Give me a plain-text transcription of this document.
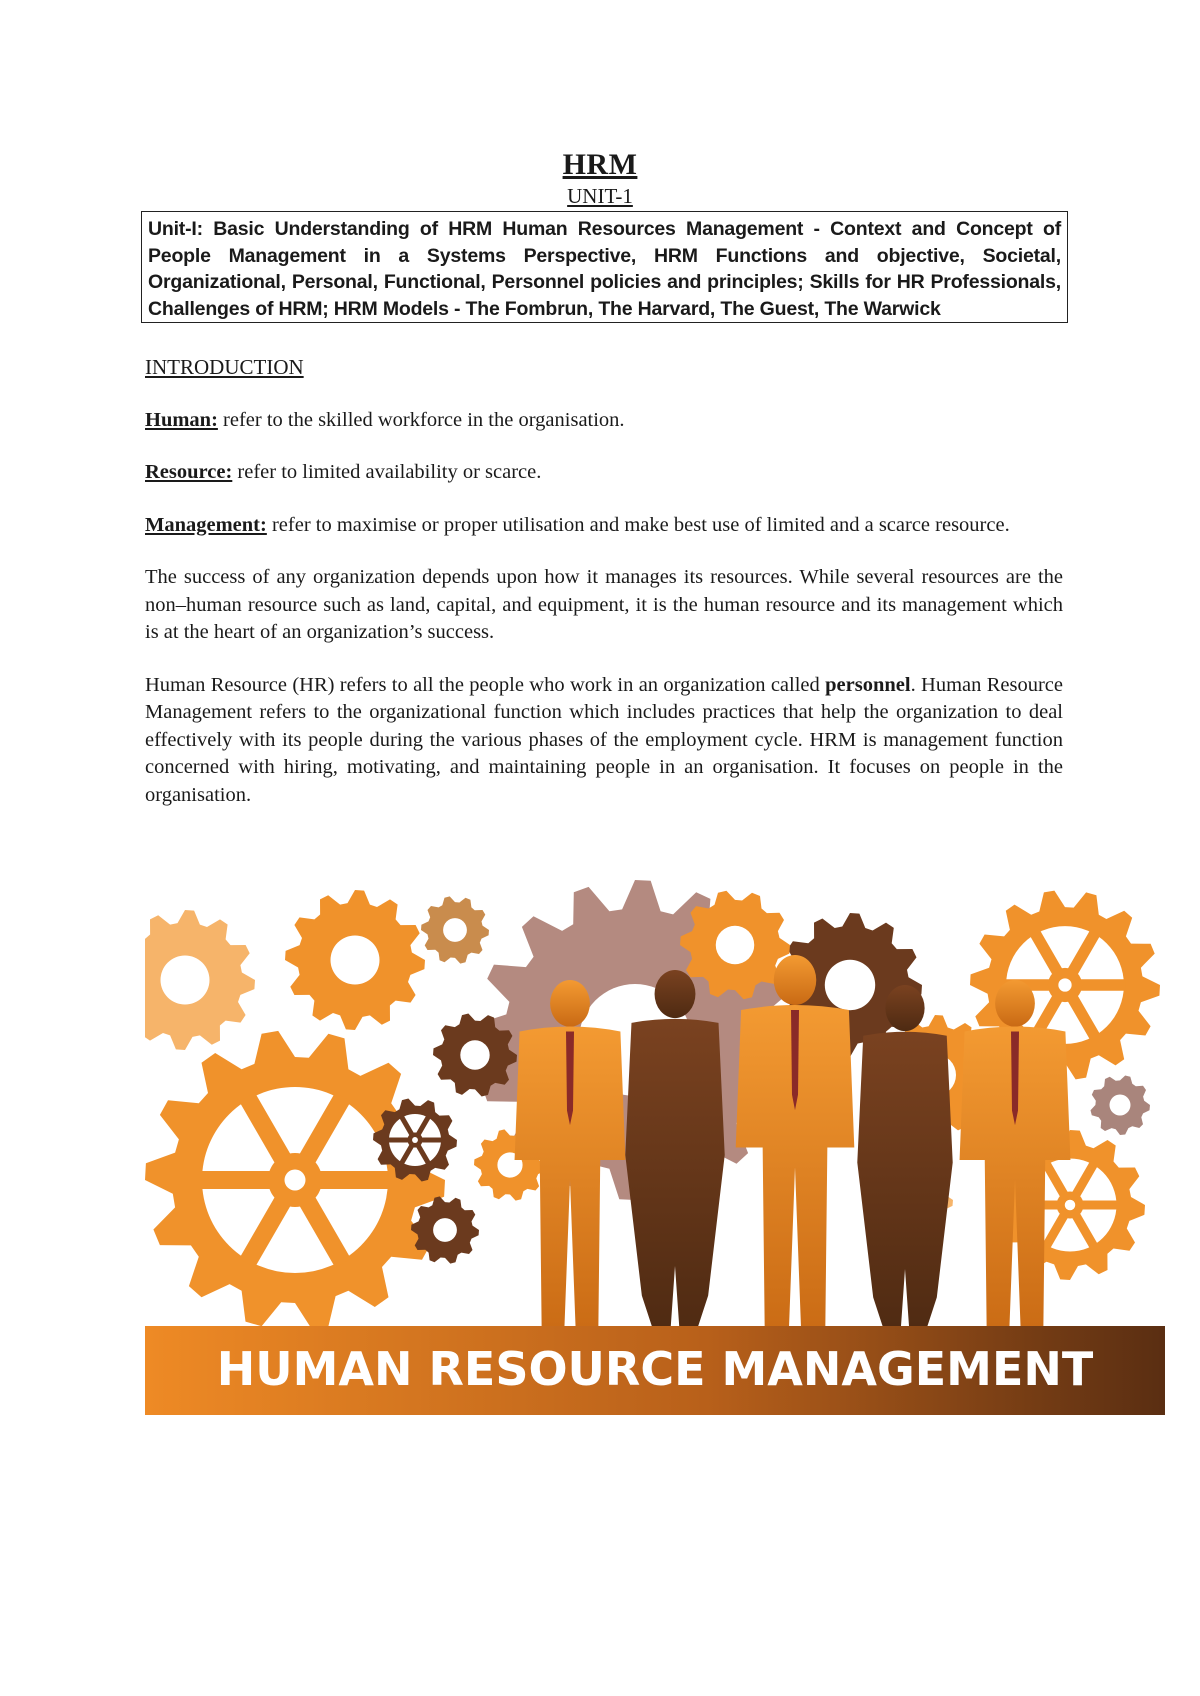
HRM
UNIT-1
Unit-I: Basic Understanding of HRM Human Resources Management - Context and Concept of People Management in a Systems Perspective, HRM Functions and objective, Societal, Organizational, Personal, Functional, Personnel policies and principles; Skills for HR Professionals, Challenges of HRM; HRM Models - The Fombrun, The Harvard, The Guest, The Warwick

INTRODUCTION

Human: refer to the skilled workforce in the organisation.

Resource: refer to limited availability or scarce.

Management: refer to maximise or proper utilisation and make best use of limited and a scarce resource.

The success of any organization depends upon how it manages its resources. While several resources are the non–human resource such as land, capital, and equipment, it is the human resource and its management which is at the heart of an organization’s success.

Human Resource (HR) refers to all the people who work in an organization called personnel. Human Resource Management refers to the organizational function which includes practices that help the organization to deal effectively with its people during the various phases of the employment cycle. HRM is management function concerned with hiring, motivating, and maintaining people in an organisation. It focuses on people in the organisation.

HUMAN RESOURCE MANAGEMENT
